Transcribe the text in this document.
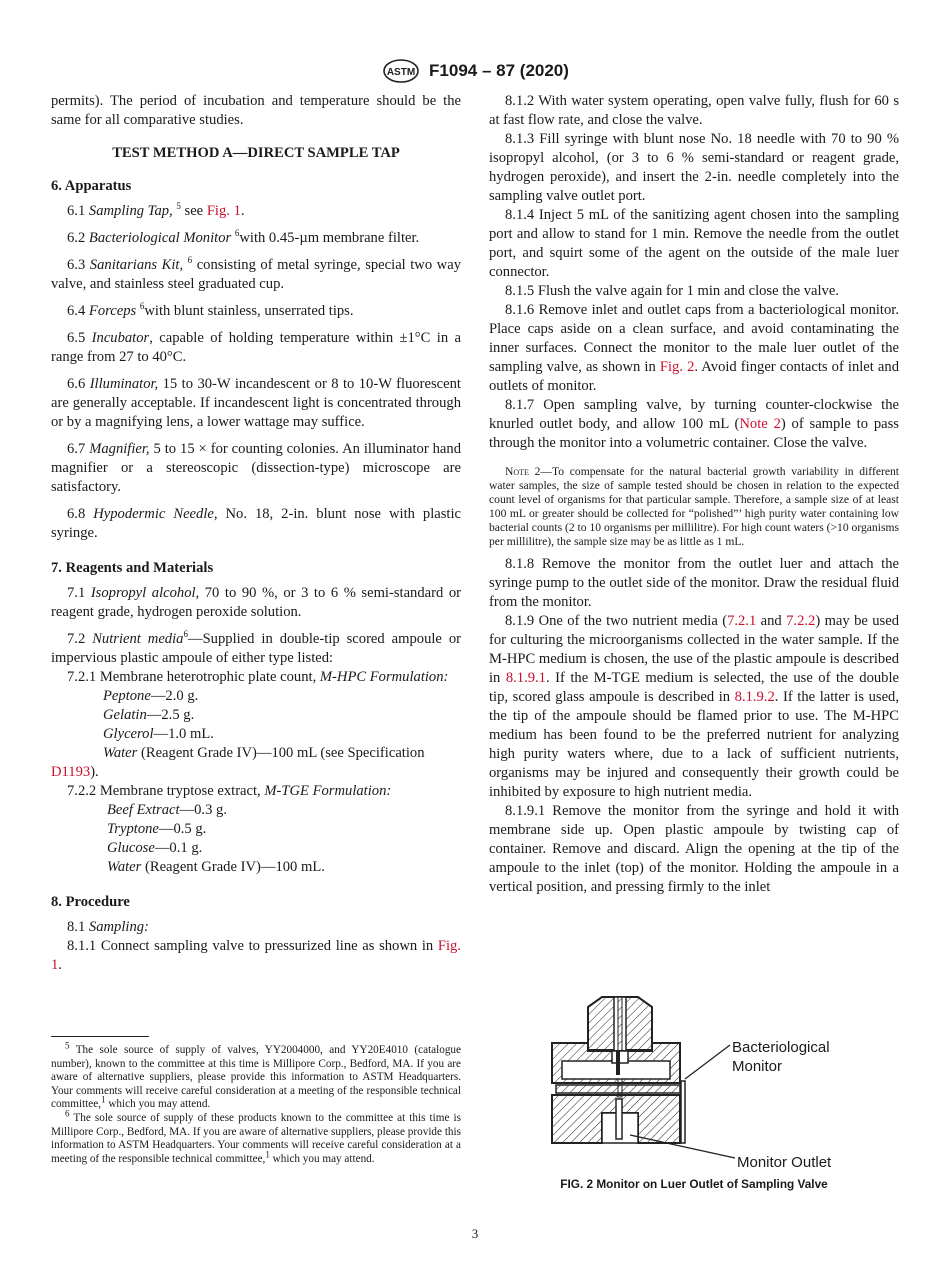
ASTM F1094 – 87 (2020)

permits). The period of incubation and temperature should be the same for all comparative studies.

TEST METHOD A—DIRECT SAMPLE TAP

6. Apparatus

6.1 Sampling Tap, $^5$ see Fig. 1.

6.2 Bacteriological Monitor $^6$with 0.45-µm membrane filter.

6.3 Sanitarians Kit, $^6$ consisting of metal syringe, special two way valve, and stainless steel graduated cup.

6.4 Forceps $^6$with blunt stainless, unserrated tips.

6.5 Incubator, capable of holding temperature within ±1°C in a range from 27 to 40°C.

6.6 Illuminator, 15 to 30-W incandescent or 8 to 10-W fluorescent are generally acceptable. If incandescent light is concentrated through or by a magnifying lens, a lower wattage may suffice.

6.7 Magnifier, 5 to 15 × for counting colonies. An illuminator hand magnifier or a stereoscopic (dissection-type) microscope are satisfactory.

6.8 Hypodermic Needle, No. 18, 2-in. blunt nose with plastic syringe.

7. Reagents and Materials

7.1 Isopropyl alcohol, 70 to 90 %, or 3 to 6 % semi-standard or reagent grade, hydrogen peroxide solution.

7.2 Nutrient media$^6$—Supplied in double-tip scored ampoule or impervious plastic ampoule of either type listed:

7.2.1 Membrane heterotrophic plate count, M-HPC Formulation:

Peptone—2.0 g.

Gelatin—2.5 g.

Glycerol—1.0 mL.

Water (Reagent Grade IV)—100 mL (see Specification D1193).

7.2.2 Membrane tryptose extract, M-TGE Formulation:

Beef Extract—0.3 g.

Tryptone—0.5 g.

Glucose—0.1 g.

Water (Reagent Grade IV)—100 mL.

8. Procedure

8.1 Sampling:

8.1.1 Connect sampling valve to pressurized line as shown in Fig. 1.

$^5$ The sole source of supply of valves, YY2004000, and YY20E4010 (catalogue number), known to the committee at this time is Millipore Corp., Bedford, MA. If you are aware of alternative suppliers, please provide this information to ASTM Headquarters. Your comments will receive careful consideration at a meeting of the responsible technical committee,$^1$ which you may attend.

$^6$ The sole source of supply of these products known to the committee at this time is Millipore Corp., Bedford, MA. If you are aware of alternative suppliers, please provide this information to ASTM Headquarters. Your comments will receive careful consideration at a meeting of the responsible technical committee,$^1$ which you may attend.

8.1.2 With water system operating, open valve fully, flush for 60 s at fast flow rate, and close the valve.

8.1.3 Fill syringe with blunt nose No. 18 needle with 70 to 90 % isopropyl alcohol, (or 3 to 6 % semi-standard or reagent grade, hydrogen peroxide), and insert the 2-in. needle completely into the sampling valve outlet port.

8.1.4 Inject 5 mL of the sanitizing agent chosen into the sampling port and allow to stand for 1 min. Remove the needle from the outlet port, and squirt some of the agent on the outside of the male luer connector.

8.1.5 Flush the valve again for 1 min and close the valve.

8.1.6 Remove inlet and outlet caps from a bacteriological monitor. Place caps aside on a clean surface, and avoid contaminating the inner surfaces. Connect the monitor to the male luer outlet of the sampling valve, as shown in Fig. 2. Avoid finger contacts of inlet and outlets of monitor.

8.1.7 Open sampling valve, by turning counter-clockwise the knurled outlet body, and allow 100 mL (Note 2) of sample to pass through the monitor into a volumetric container. Close the valve.

Note 2—To compensate for the natural bacterial growth variability in different water samples, the size of sample tested should be chosen in relation to the expected count level of organisms for that particular sample. Therefore, a sample size of at least 100 mL or greater should be collected for “polished”’ high purity water containing low bacterial counts (2 to 10 organisms per millilitre). For high count waters (>10 organisms per millilitre), the sample size may be as little as 1 mL.

8.1.8 Remove the monitor from the outlet luer and attach the syringe pump to the outlet side of the monitor. Draw the residual fluid from the monitor.

8.1.9 One of the two nutrient media (7.2.1 and 7.2.2) may be used for culturing the microorganisms collected in the water sample. If the M-HPC medium is chosen, the use of the plastic ampoule is described in 8.1.9.1. If the M-TGE medium is selected, the use of the double tip, scored glass ampoule is described in 8.1.9.2. If the latter is used, the tip of the ampoule should be flamed prior to use. The M-HPC medium has been found to be the preferred nutrient for analyzing high purity waters where, due to a lack of sufficient nutrients, organisms may be injured and consequently their growth could be inhibited by exposure to high nutrient media.

8.1.9.1 Remove the monitor from the syringe and hold it with membrane side up. Open plastic ampoule by twisting cap of container. Remove and discard. Align the opening at the tip of the ampoule to the inlet (top) of the monitor. Holding the ampoule in a vertical position, and pressing firmly to the inlet

Bacteriological
Monitor
Monitor Outlet
FIG. 2 Monitor on Luer Outlet of Sampling Valve
3
